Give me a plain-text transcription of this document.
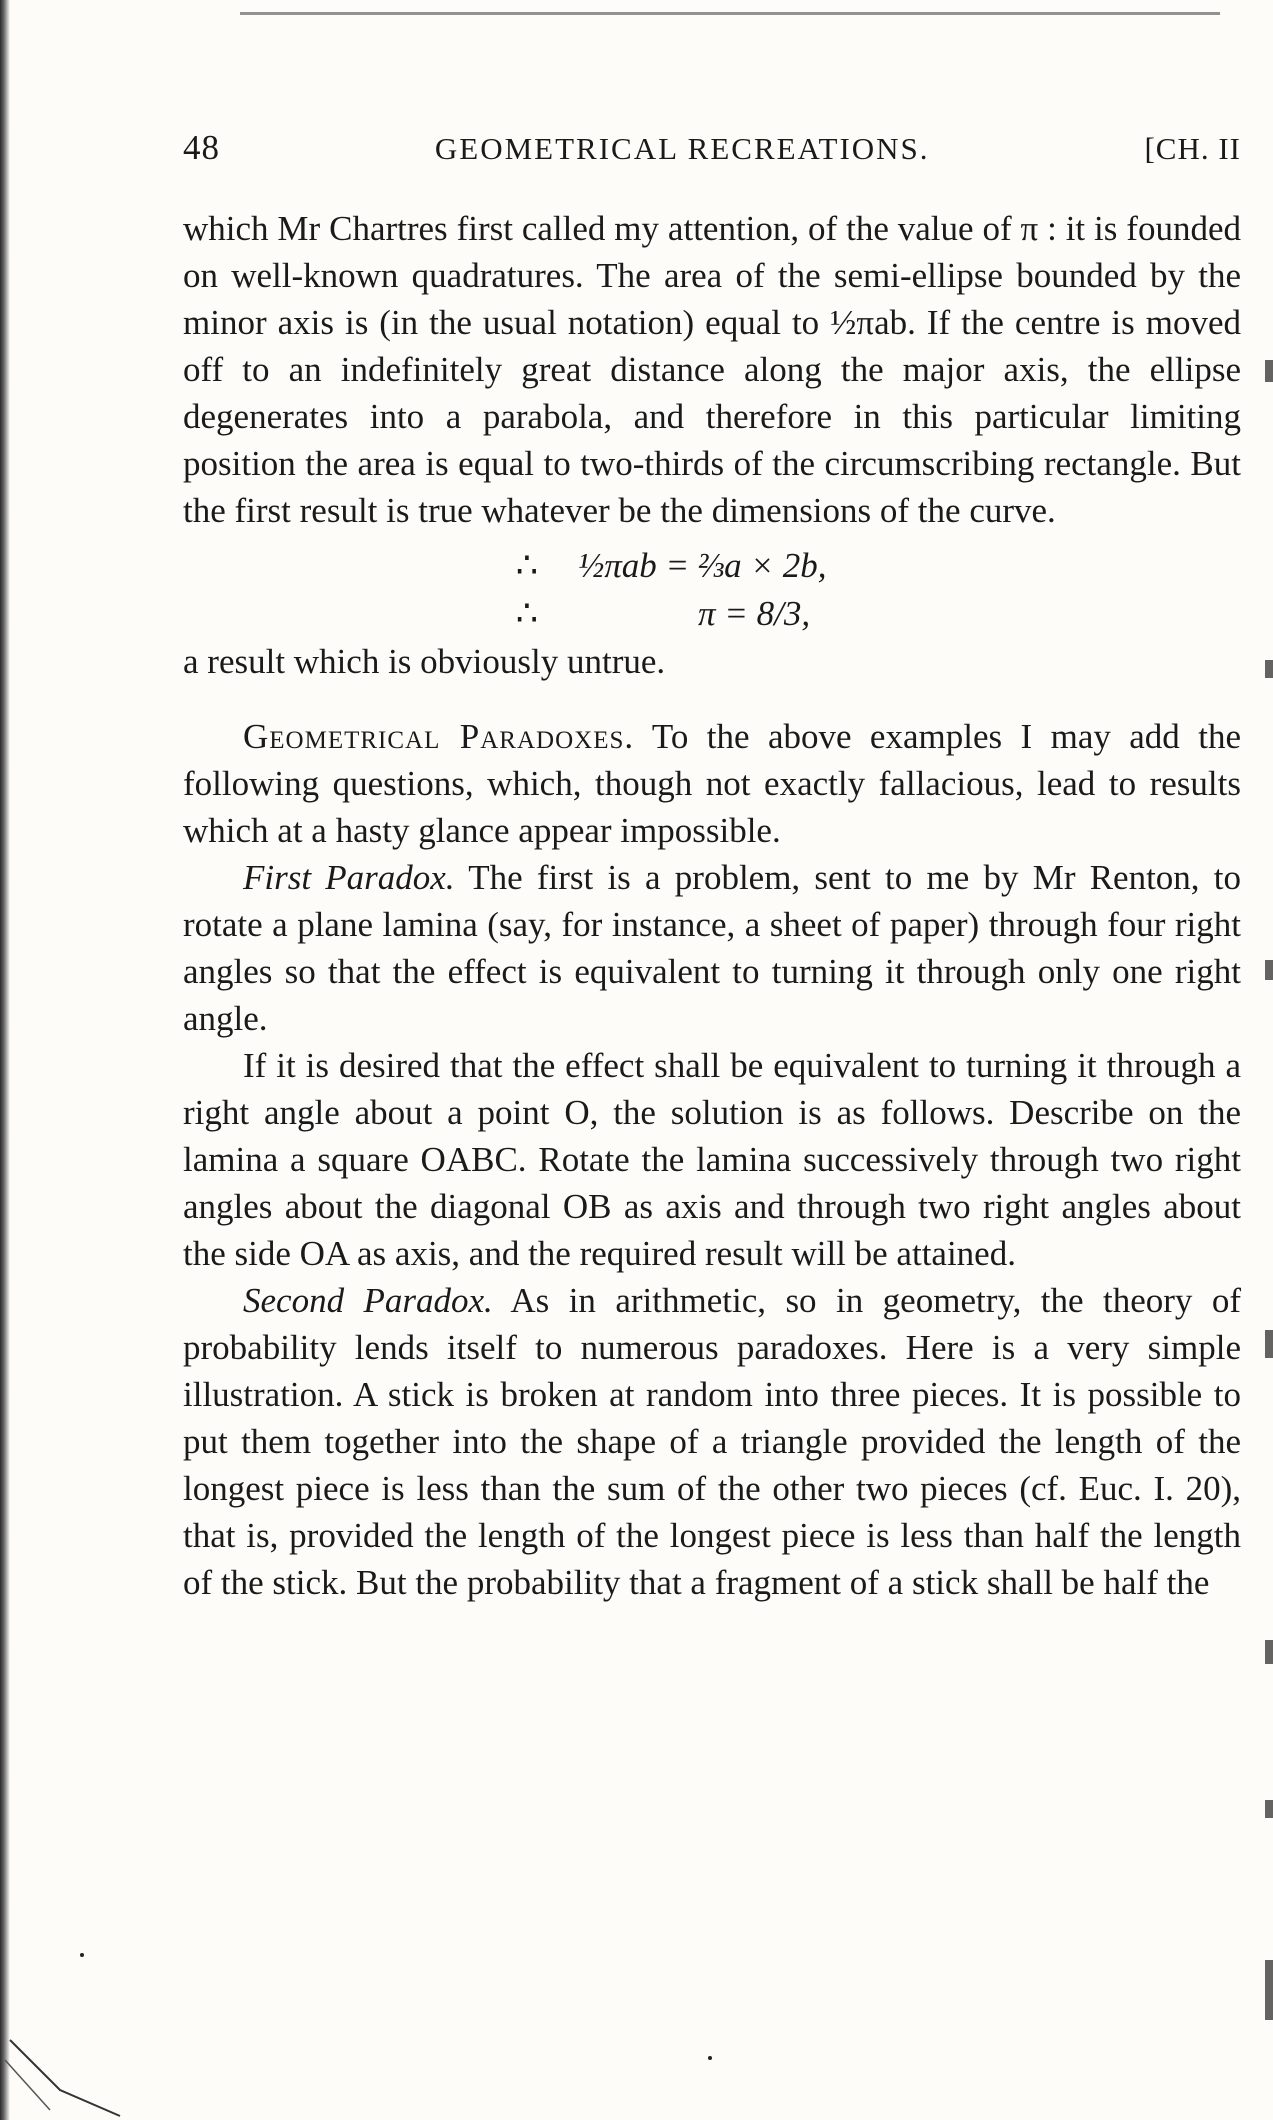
48	GEOMETRICAL RECREATIONS.	[CH. II

which Mr Chartres first called my attention, of the value of π : it is founded on well-known quadratures. The area of the semi-ellipse bounded by the minor axis is (in the usual notation) equal to ½πab. If the centre is moved off to an indefinitely great distance along the major axis, the ellipse degenerates into a parabola, and therefore in this particular limiting position the area is equal to two-thirds of the circumscribing rectangle. But the first result is true whatever be the dimensions of the curve.

∴	½πab = ⅔a × 2b,
∴	π = 8/3,

a result which is obviously untrue.

Geometrical Paradoxes. To the above examples I may add the following questions, which, though not exactly fallacious, lead to results which at a hasty glance appear impossible.

First Paradox. The first is a problem, sent to me by Mr Renton, to rotate a plane lamina (say, for instance, a sheet of paper) through four right angles so that the effect is equivalent to turning it through only one right angle.

If it is desired that the effect shall be equivalent to turning it through a right angle about a point O, the solution is as follows. Describe on the lamina a square OABC. Rotate the lamina successively through two right angles about the diagonal OB as axis and through two right angles about the side OA as axis, and the required result will be attained.

Second Paradox. As in arithmetic, so in geometry, the theory of probability lends itself to numerous paradoxes. Here is a very simple illustration. A stick is broken at random into three pieces. It is possible to put them together into the shape of a triangle provided the length of the longest piece is less than the sum of the other two pieces (cf. Euc. I. 20), that is, provided the length of the longest piece is less than half the length of the stick. But the probability that a fragment of a stick shall be half the
